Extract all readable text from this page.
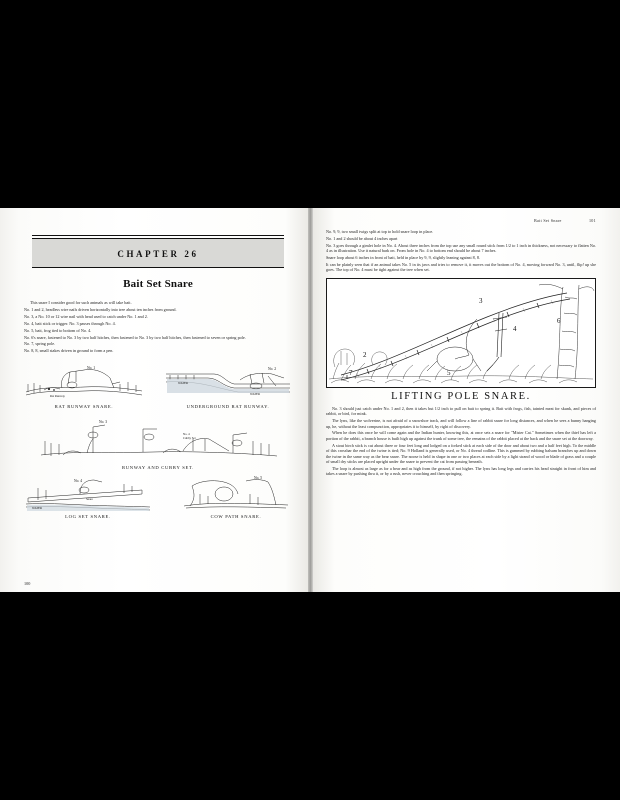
CHAPTER 26
Bait Set Snare

This snare I consider good for such animals as will take bait.

No. 1 and 2, headless wire nails driven horizontally into tree about ten inches from ground.

No. 3, a No. 10 or 12 wire nail with head used to catch under No. 1 and 2.

No. 4, bait stick or trigger. No. 3 passes through No. 4.

No. 5, bait, frog tied to bottom of No. 4.

No. 6's snare, fastened to No. 3 by two half hitches, then fastened to No. 3 by two half hitches, then fastened to seven or spring pole.

No. 7, spring pole.

No. 8, 8, small stakes driven in ground to form a pen.

Rat Runway
No. 1
RAT RUNWAY SNARE.
WATER
WATER
No. 2
UNDERGROUND RAT RUNWAY.
No. 3
No. 4
Cubby Set
RUNWAY AND CUBBY SET.
WATER
Snare
No. 4
LOG SET SNARE.
No. 5
COW PATH SNARE.
100
Bait Set Snare	101

No. 9, 9, two small twigs split at top to hold snare loop in place.

No. 1 and 2 should be about 4 inches apart

No. 3 goes through a gimlet hole in No. 4. About three inches from the top use any small round stick from 1/2 to 1 inch in thickness, not necessary to flatten No. 4 as in illustration. Use it natural bark on. From hole in No. 4 to bottom end should be about 7 inches.

Snare loop about 6 inches in front of bait, held in place by 9, 9, slightly leaning against 8, 8.

It can be plainly seen that if an animal takes No. 5 in its jaws and tries to remove it, it moves out the bottom of No. 4, moving forward No. 3, until, flip! up she goes. The top of No. 4 must be tight against the tree when set.

2
3
4
7
6
5
LIFTING POLE SNARE.

No. 3 should just catch under No. 1 and 2, then it takes but 1/2 inch to pull on bait to spring it. Bait with frogs, fish, tainted meat for skunk, and pieces of rabbit, or bird, for mink.

The lynx, like the wolverine, is not afraid of a snowshoe track, and will follow a line of rabbit snare for long distances, and when he sees a bunny hanging up, he, without the least compunction, appropriates it to himself, by right of discovery.

When he does this once he will come again and the Indian hunter, knowing this, at once sets a snare for "Mister Cat." Sometimes when the thief has left a portion of the rabbit, a branch house is built high up against the trunk of some tree, the remains of the rabbit placed at the back and the snare set at the doorway.

A stout birch stick is cut about three or four feet long and lodged on a forked stick at each side of the door and about two and a half feet high. To the middle of this crossbar the end of the twine is tied; No. 9 Holland is generally used, or No. 4 thread codline. This is gummed by rubbing balsam branches up and down the twine in the same way as the bear snare. The noose is held in shape in one or two places at each side by a light strand of wood or blade of grass and a couple of small dry sticks are placed upright under the snare to prevent the cat from passing beneath.

The loop is almost as large as for a bear and as high from the ground, if not higher. The lynx has long legs and carries his head straight in front of him and takes a snare by pushing thru it, or by a rush, never crouching and then springing.
